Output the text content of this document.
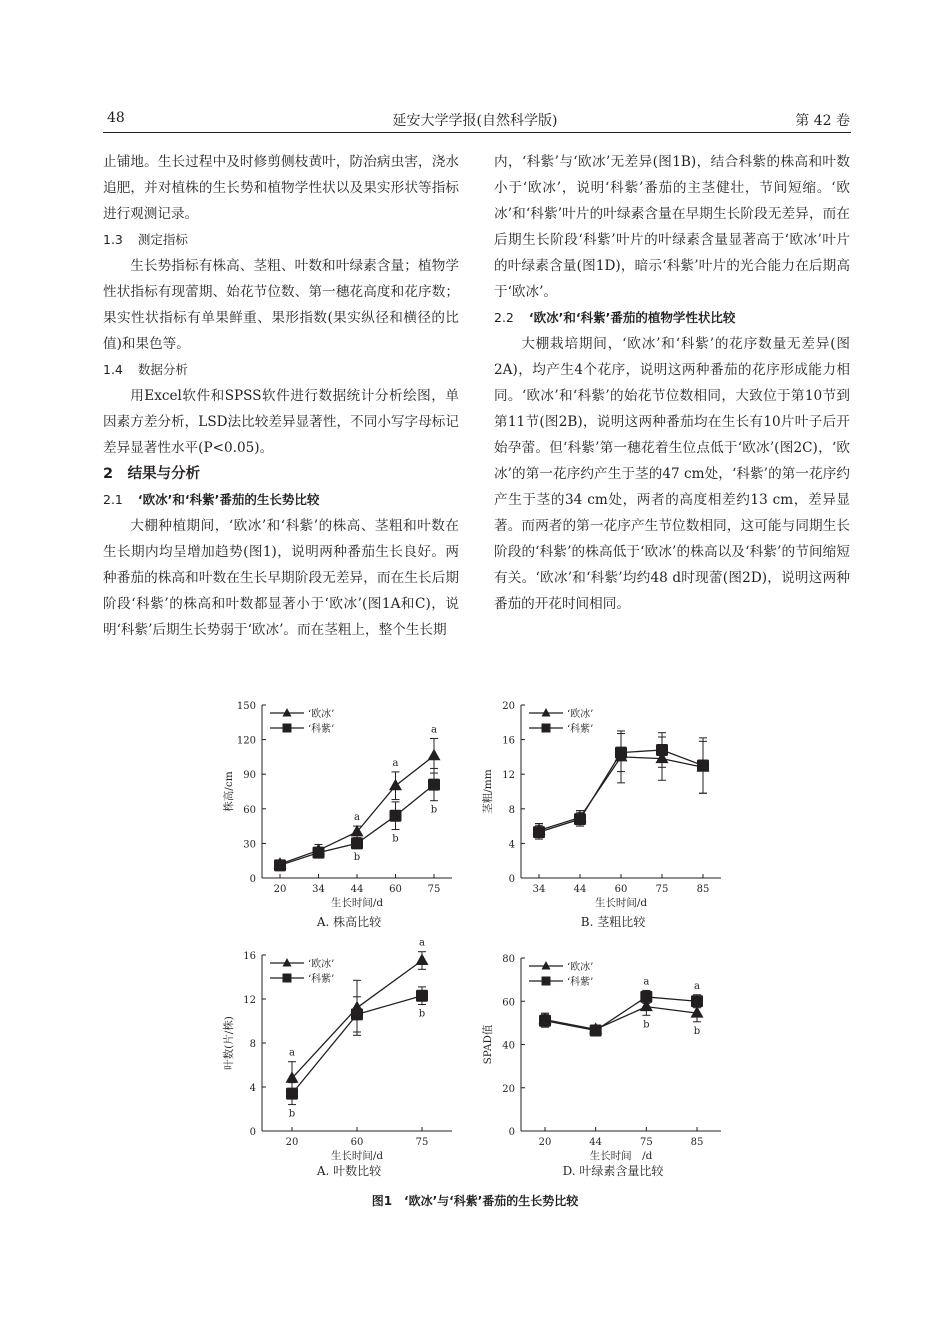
48	延安大学学报(自然科学版)	第 42 卷

止铺地。生长过程中及时修剪侧枝黄叶，防治病虫害，浇水追肥，并对植株的生长势和植物学性状以及果实形状等指标进行观测记录。

1.3 测定指标

生长势指标有株高、茎粗、叶数和叶绿素含量；植物学性状指标有现蕾期、始花节位数、第一穗花高度和花序数；果实性状指标有单果鲜重、果形指数(果实纵径和横径的比值)和果色等。

1.4 数据分析

用Excel软件和SPSS软件进行数据统计分析绘图，单因素方差分析，LSD法比较差异显著性，不同小写字母标记差异显著性水平(P<0.05)。

2　结果与分析

2.1 ‘欧冰’和‘科紫’番茄的生长势比较

大棚种植期间，‘欧冰’和‘科紫’的株高、茎粗和叶数在生长期内均呈增加趋势(图1)，说明两种番茄生长良好。两种番茄的株高和叶数在生长早期阶段无差异，而在生长后期阶段‘科紫’的株高和叶数都显著小于‘欧冰’(图1A和C)，说明‘科紫’后期生长势弱于‘欧冰’。而在茎粗上，整个生长期

内，‘科紫’与‘欧冰’无差异(图1B)，结合科紫的株高和叶数小于‘欧冰’，说明‘科紫’番茄的主茎健壮，节间短缩。‘欧冰’和‘科紫’叶片的叶绿素含量在早期生长阶段无差异，而在后期生长阶段‘科紫’叶片的叶绿素含量显著高于‘欧冰’叶片的叶绿素含量(图1D)，暗示‘科紫’叶片的光合能力在后期高于‘欧冰’。

2.2 ‘欧冰’和‘科紫’番茄的植物学性状比较

大棚栽培期间，‘欧冰’和‘科紫’的花序数量无差异(图2A)，均产生4个花序，说明这两种番茄的花序形成能力相同。‘欧冰’和‘科紫’的始花节位数相同，大致位于第10节到第11节(图2B)，说明这两种番茄均在生长有10片叶子后开始孕蕾。但‘科紫’第一穗花着生位点低于‘欧冰’(图2C)，‘欧冰’的第一花序约产生于茎的47 cm处，‘科紫’的第一花序约产生于茎的34 cm处，两者的高度相差约13 cm，差异显著。而两者的第一花序产生节位数相同，这可能与同期生长阶段的‘科紫’的株高低于‘欧冰’的株高以及‘科紫’的节间缩短有关。‘欧冰’和‘科紫’均约48 d时现蕾(图2D)，说明这两种番茄的开花时间相同。

0
30
60
90
120
150
20	34	44	60	75
生长时间/d
株高/cm
A. 株高比较
a
a
a
b
b
b
‘欧冰’
‘科紫’
0
4
8
12
16
20
34	44	60	75	85
生长时间/d
茎粗/mm
B. 茎粗比较
‘欧冰’
‘科紫’
0
4
8
12
16
20	60	75
生长时间/d
叶数(片/株)
A. 叶数比较
a
a
b
b
‘欧冰’
‘科紫’
0
20
40
60
80
20	44	75	85
生长时间　/d
SPAD值
D. 叶绿素含量比较
b
b
a	a
‘欧冰’
‘科紫’
图1　‘欧冰’与‘科紫’番茄的生长势比较
